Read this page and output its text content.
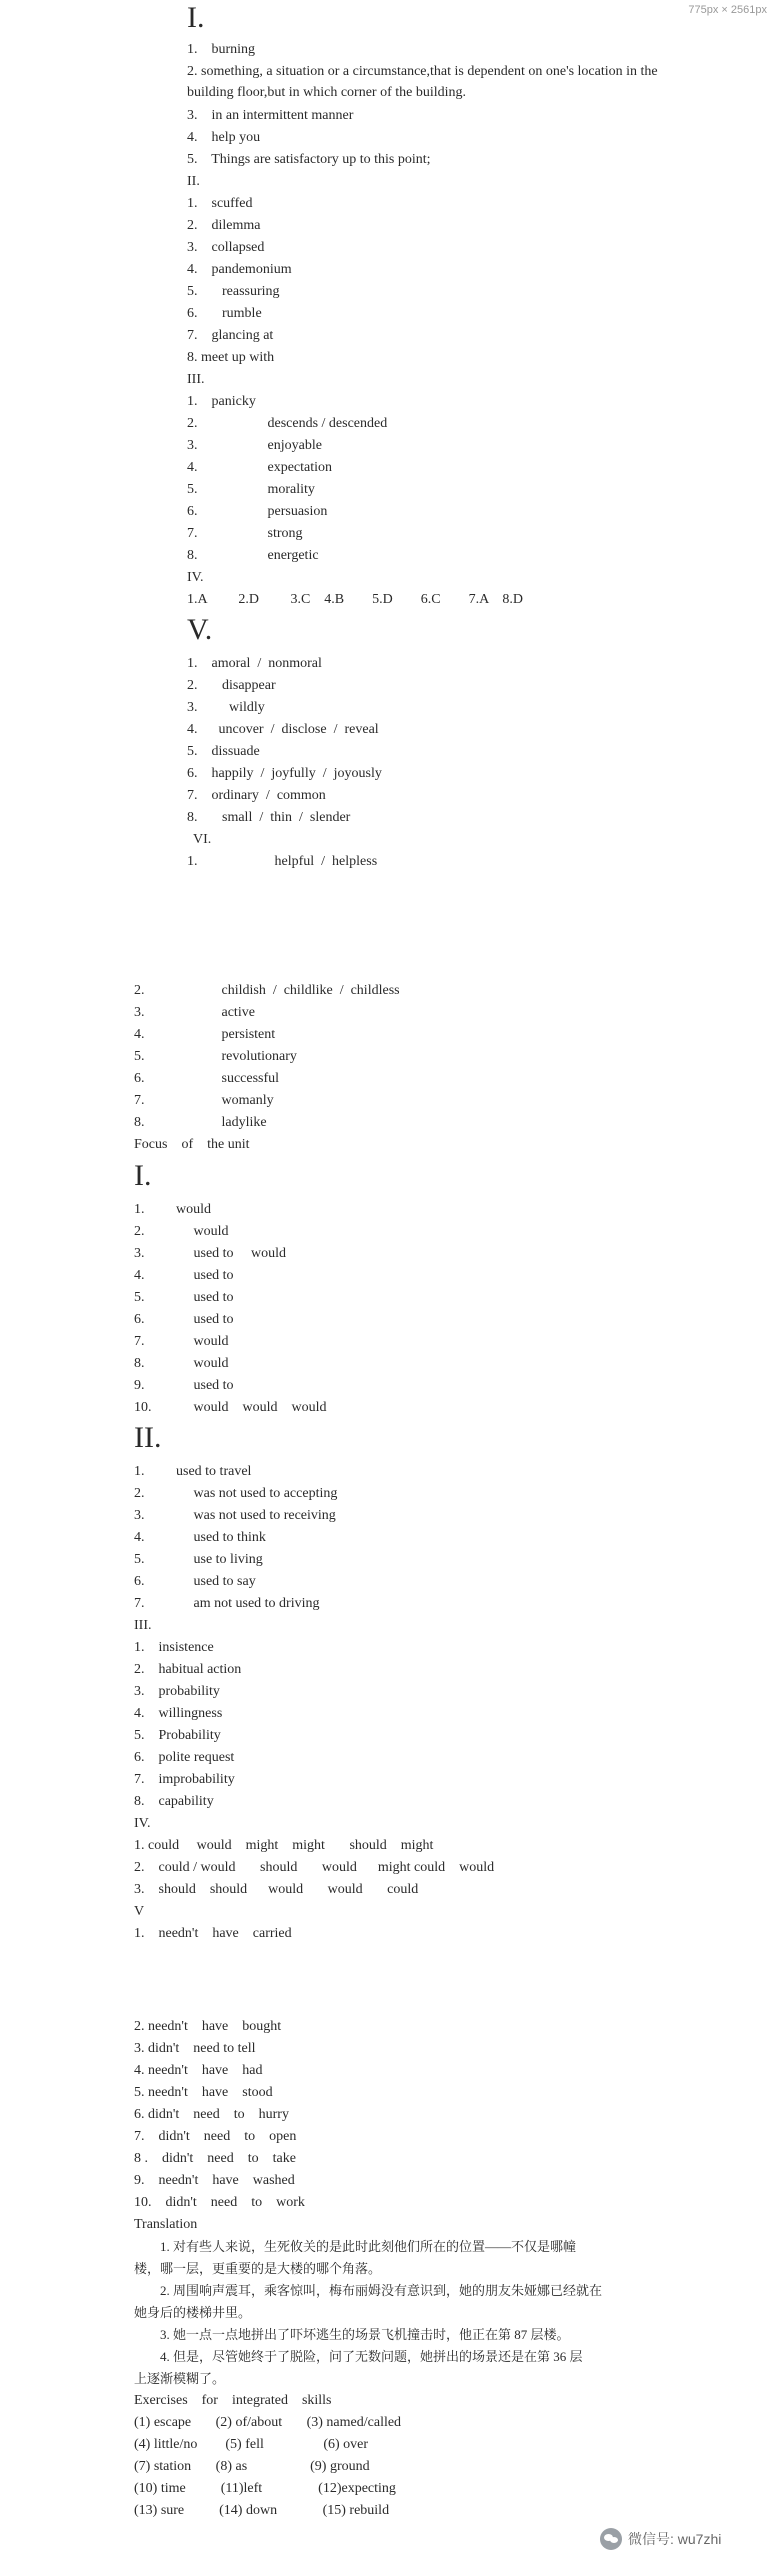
775px × 2561px
I.
1.    burning
2. something, a situation or a circumstance,that is dependent on one's location in the
building floor,but in which corner of the building.
3.    in an intermittent manner
4.    help you
5.    Things are satisfactory up to this point;
II.
1.    scuffed
2.    dilemma
3.    collapsed
4.    pandemonium
5.       reassuring
6.       rumble
7.    glancing at
8. meet up with
III.
1.    panicky
2.                    descends / descended
3.                    enjoyable
4.                    expectation
5.                    morality
6.                    persuasion
7.                    strong
8.                    energetic
IV.
1.A         2.D         3.C    4.B        5.D        6.C        7.A    8.D
V.
1.    amoral  /  nonmoral
2.       disappear
3.         wildly
4.      uncover  /  disclose  /  reveal
5.    dissuade
6.    happily  /  joyfully  /  joyously
7.    ordinary  /  common
8.       small  /  thin  /  slender
VI.
1.                      helpful  /  helpless
2.                      childish  /  childlike  /  childless
3.                      active
4.                      persistent
5.                      revolutionary
6.                      successful
7.                      womanly
8.                      ladylike
Focus    of    the unit
I.
1.         would
2.              would
3.              used to     would
4.              used to
5.              used to
6.              used to
7.              would
8.              would
9.              used to
10.            would    would    would
II.
1.         used to travel
2.              was not used to accepting
3.              was not used to receiving
4.              used to think
5.              use to living
6.              used to say
7.              am not used to driving
III.
1.    insistence
2.    habitual action
3.    probability
4.    willingness
5.    Probability
6.    polite request
7.    improbability
8.    capability
IV.
1. could     would    might    might       should    might
2.    could / would       should       would      might could    would
3.    should    should      would       would       could
V
1.    needn't    have    carried
2. needn't    have    bought
3. didn't    need to tell
4. needn't    have    had
5. needn't    have    stood
6. didn't    need    to    hurry
7.    didn't    need    to    open
8 .    didn't    need    to    take
9.    needn't    have    washed
10.    didn't    need    to    work
Translation
1. 对有些人来说，生死攸关的是此时此刻他们所在的位置——不仅是哪幢
楼，哪一层，更重要的是大楼的哪个角落。
2. 周围响声震耳，乘客惊叫，梅布丽姆没有意识到，她的朋友朱娅娜已经就在
她身后的楼梯井里。
3. 她一点一点地拼出了吓坏逃生的场景飞机撞击时，他正在第 87 层楼。
4. 但是，尽管她终于了脱险，问了无数问题，她拼出的场景还是在第 36 层
上逐渐模糊了。
Exercises    for    integrated    skills
(1) escape       (2) of/about       (3) named/called
(4) little/no        (5) fell                 (6) over
(7) station       (8) as                  (9) ground
(10) time          (11)left                (12)expecting
(13) sure          (14) down             (15) rebuild
微信号: wu7zhi
